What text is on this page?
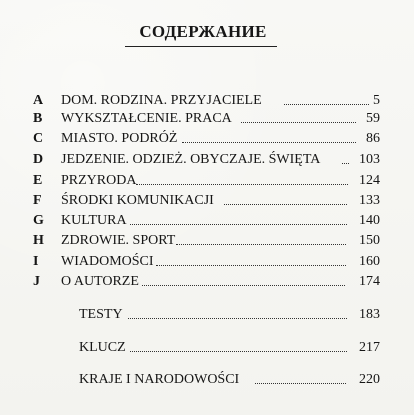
СОДЕРЖАНИЕ
A DOM. RODZINA. PRZYJACIELE	5
B	WYKSZTAŁCENIE. PRACA	59
C MIASTO. PODRÓŻ	86
D JEDZENIE. ODZIEŻ. OBYCZAJE. ŚWIĘTA	103
E	PRZYRODA	124
F	ŚRODKI KOMUNIKACJI	133
G KULTURA	140
H ZDROWIE. SPORT	150
I	WIADOMOŚCI	160
J	O AUTORZE	174
TESTY	183
KLUCZ	217
KRAJE I NARODOWOŚCI	220
